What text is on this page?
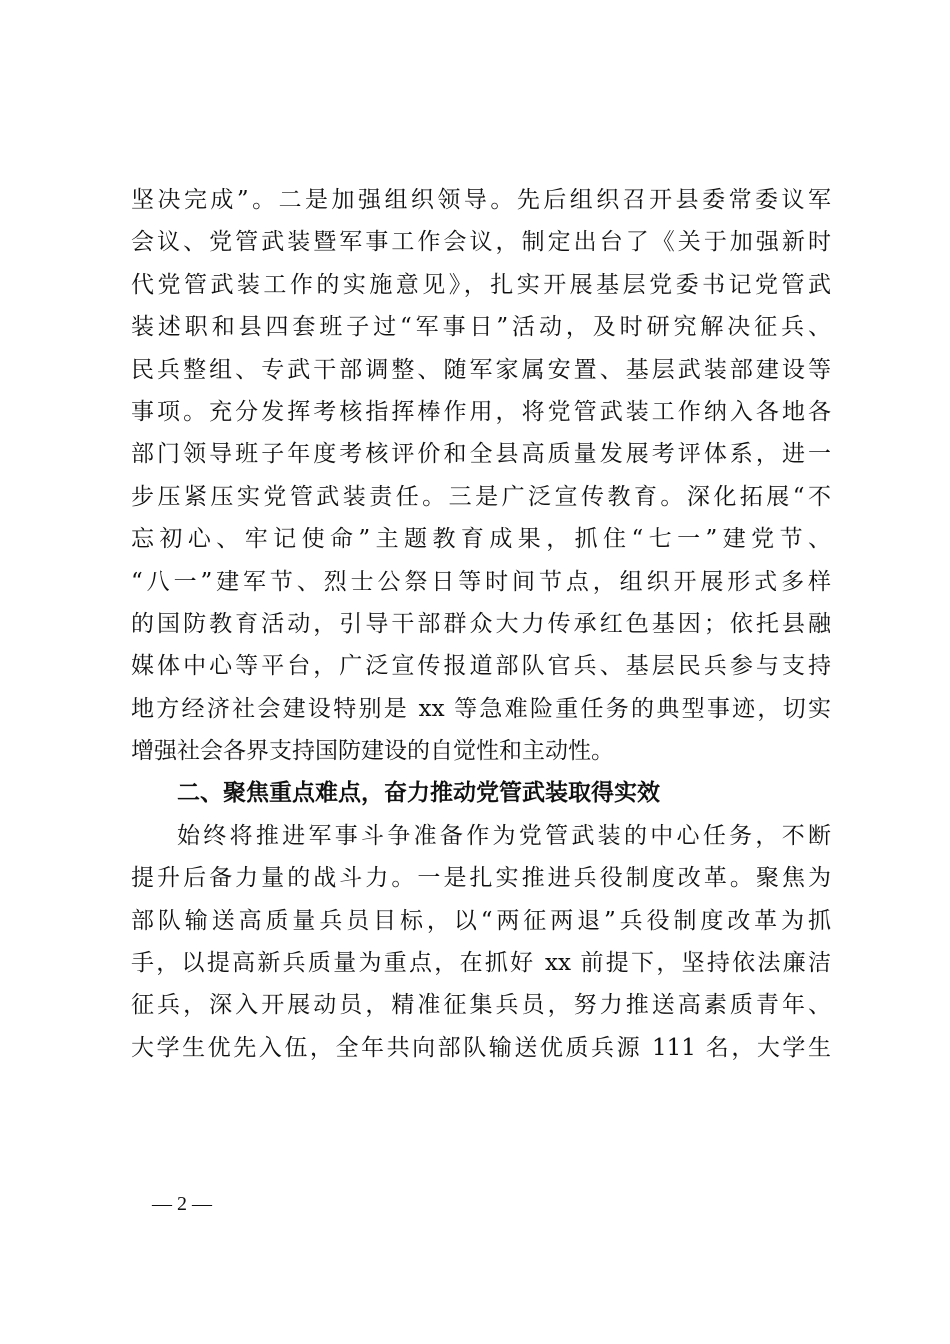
坚决完成”。二是加强组织领导。先后组织召开县委常委议军
会议、党管武装暨军事工作会议，制定出台了《关于加强新时
代党管武装工作的实施意见》，扎实开展基层党委书记党管武
装述职和县四套班子过“军事日”活动，及时研究解决征兵、
民兵整组、专武干部调整、随军家属安置、基层武装部建设等
事项。充分发挥考核指挥棒作用，将党管武装工作纳入各地各
部门领导班子年度考核评价和全县高质量发展考评体系，进一
步压紧压实党管武装责任。三是广泛宣传教育。深化拓展“不
忘初心、牢记使命”主题教育成果，抓住“七一”建党节、
“八一”建军节、烈士公祭日等时间节点，组织开展形式多样
的国防教育活动，引导干部群众大力传承红色基因；依托县融
媒体中心等平台，广泛宣传报道部队官兵、基层民兵参与支持
地方经济社会建设特别是 xx 等急难险重任务的典型事迹，切实
增强社会各界支持国防建设的自觉性和主动性。
二、聚焦重点难点，奋力推动党管武装取得实效
始终将推进军事斗争准备作为党管武装的中心任务，不断
提升后备力量的战斗力。一是扎实推进兵役制度改革。聚焦为
部队输送高质量兵员目标，以“两征两退”兵役制度改革为抓
手，以提高新兵质量为重点，在抓好 xx 前提下，坚持依法廉洁
征兵，深入开展动员，精准征集兵员，努力推送高素质青年、
大学生优先入伍，全年共向部队输送优质兵源 111 名，大学生
— 2 —
